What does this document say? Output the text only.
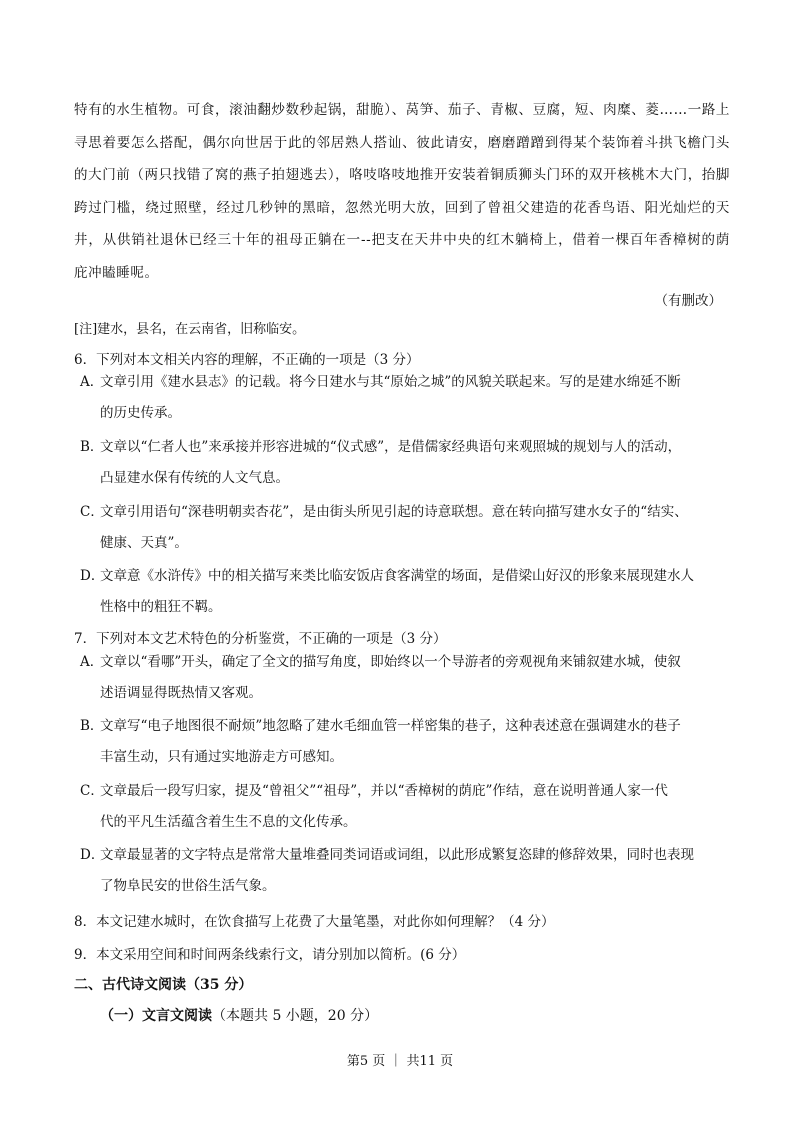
特有的水生植物。可食，滚油翻炒数秒起锅，甜脆）、莴笋、茄子、青椒、豆腐，短、肉糜、菱……一路上寻思着要怎么搭配，偶尔向世居于此的邻居熟人搭讪、彼此请安，磨磨蹭蹭到得某个装饰着斗拱飞檐门头的大门前（两只找错了窝的燕子拍翅逃去），咯吱咯吱地推开安装着铜质狮头门环的双开核桃木大门，抬脚跨过门槛，绕过照壁，经过几秒钟的黑暗，忽然光明大放，回到了曾祖父建造的花香鸟语、阳光灿烂的天井，从供销社退休已经三十年的祖母正躺在一--把支在天井中央的红木躺椅上，借着一棵百年香樟树的荫庇冲瞌睡呢。
（有删改）
[注]建水，县名，在云南省，旧称临安。
6．下列对本文相关内容的理解，不正确的一项是（3 分）
A．文章引用《建水县志》的记载。将今日建水与其“原始之城”的风貌关联起来。写的是建水绵延不断
的历史传承。
B．文章以“仁者人也”来承接并形容进城的“仪式感”，是借儒家经典语句来观照城的规划与人的活动，
凸显建水保有传统的人文气息。
C．文章引用语句“深巷明朝卖杏花”，是由街头所见引起的诗意联想。意在转向描写建水女子的“结实、
健康、天真”。
D．文章意《水浒传》中的相关描写来类比临安饭店食客满堂的场面，是借梁山好汉的形象来展现建水人
性格中的粗狂不羁。
7．下列对本文艺术特色的分析鉴赏，不正确的一项是（3 分）
A．文章以“看哪”开头，确定了全文的描写角度，即始终以一个导游者的旁观视角来铺叙建水城，使叙
述语调显得既热情又客观。
B．文章写“电子地图很不耐烦”地忽略了建水毛细血管一样密集的巷子，这种表述意在强调建水的巷子
丰富生动，只有通过实地游走方可感知。
C．文章最后一段写归家，提及“曾祖父”“祖母”，并以“香樟树的荫庇”作结，意在说明普通人家一代
代的平凡生活蕴含着生生不息的文化传承。
D．文章最显著的文字特点是常常大量堆叠同类词语或词组，以此形成繁复恣肆的修辞效果，同时也表现
了物阜民安的世俗生活气象。
8．本文记建水城时，在饮食描写上花费了大量笔墨，对此你如何理解？（4 分）
9．本文采用空间和时间两条线索行文，请分别加以简析。(6 分）
二、古代诗文阅读（35 分）
（一）文言文阅读（本题共 5 小题，20 分）
第5 页 ｜ 共11 页
